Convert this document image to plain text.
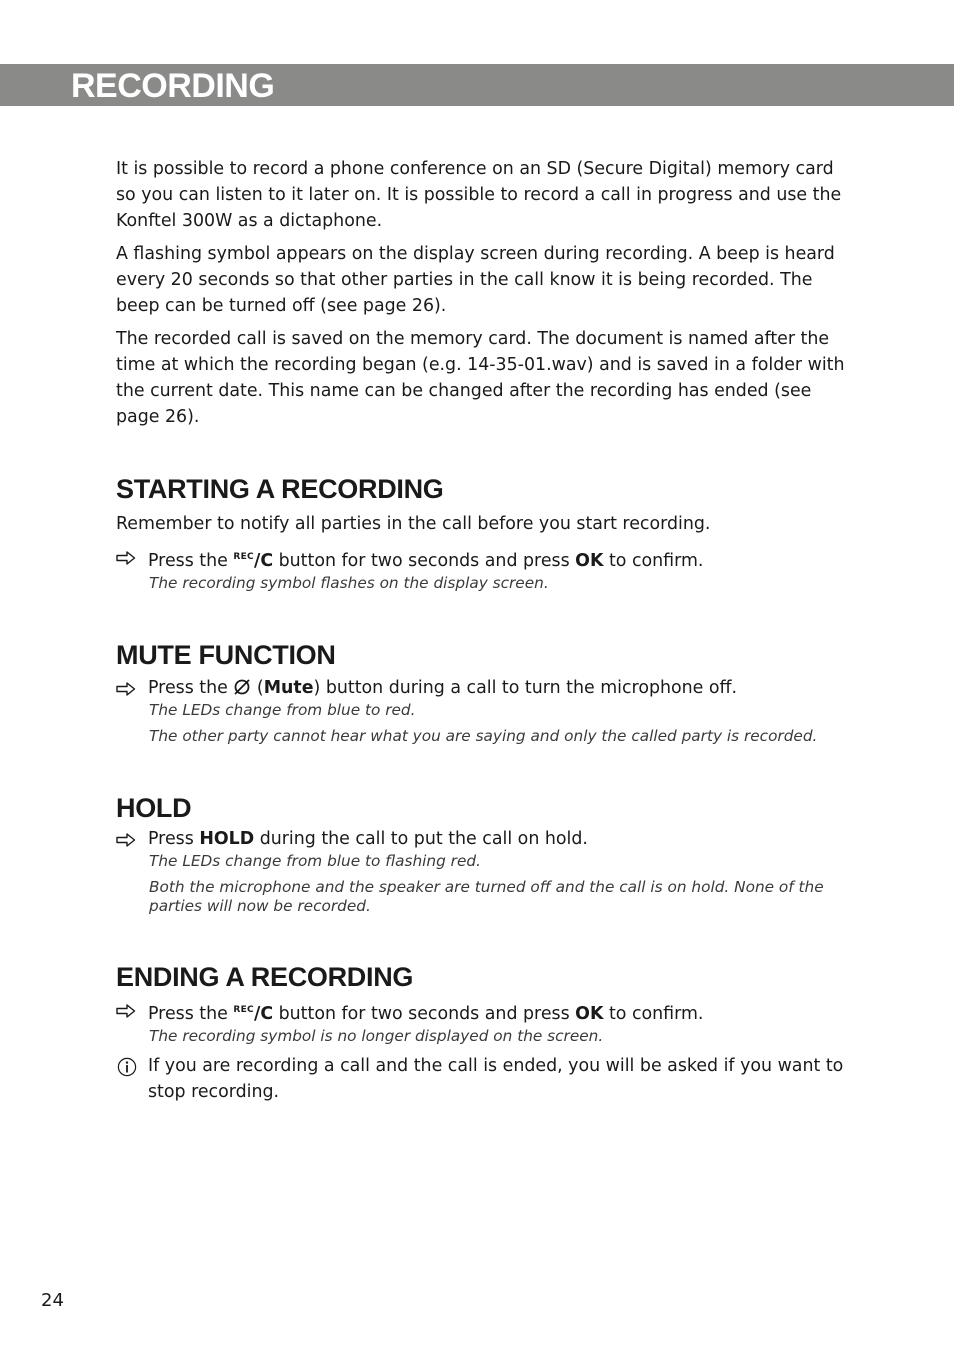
RECORDING

It is possible to record a phone conference on an SD (Secure Digital) memory card so you can listen to it later on. It is possible to record a call in progress and use the Konftel 300W as a dictaphone.

A flashing symbol appears on the display screen during recording. A beep is heard every 20 seconds so that other parties in the call know it is being recorded. The beep can be turned off (see page 26).

The recorded call is saved on the memory card. The document is named after the time at which the recording began (e.g. 14-35-01.wav) and is saved in a folder with the current date. This name can be changed after the recording has ended (see page 26).

STARTING A RECORDING

Remember to notify all parties in the call before you start recording.

Press the $^{REC}$/C button for two seconds and press OK to confirm.

The recording symbol flashes on the display screen.

MUTE FUNCTION

Press the  (Mute) button during a call to turn the microphone off.

The LEDs change from blue to red.

The other party cannot hear what you are saying and only the called party is recorded.

HOLD

Press HOLD during the call to put the call on hold.

The LEDs change from blue to flashing red.

Both the microphone and the speaker are turned off and the call is on hold. None of the parties will now be recorded.

ENDING A RECORDING

Press the $^{REC}$/C button for two seconds and press OK to confirm.

The recording symbol is no longer displayed on the screen.

If you are recording a call and the call is ended, you will be asked if you want to stop recording.

24
